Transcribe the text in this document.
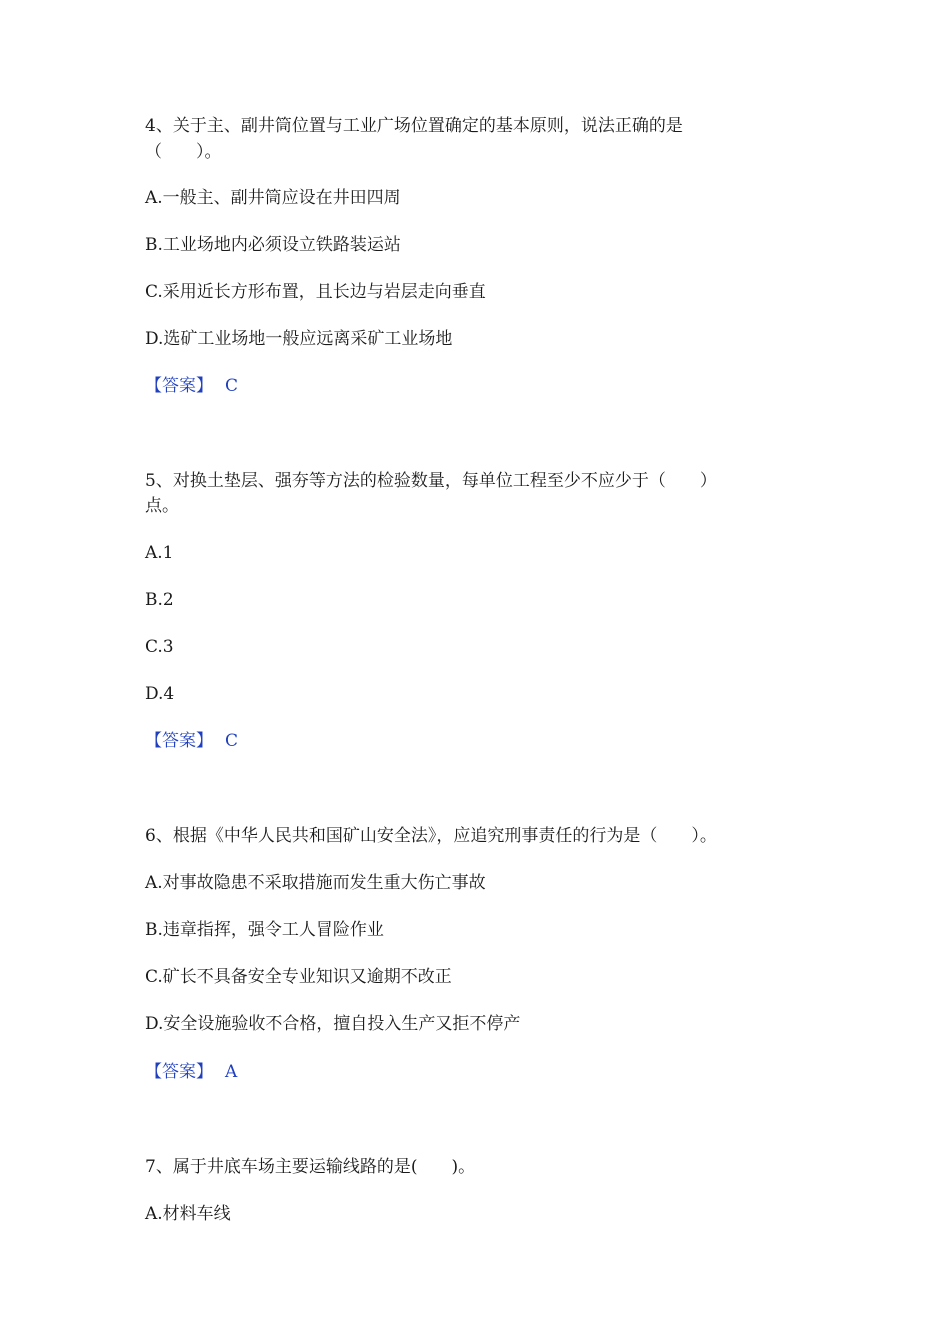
4、关于主、副井筒位置与工业广场位置确定的基本原则，说法正确的是
（　　）。
A.一般主、副井筒应设在井田四周
B.工业场地内必须设立铁路装运站
C.采用近长方形布置，且长边与岩层走向垂直
D.选矿工业场地一般应远离采矿工业场地
【答案】 C
5、对换土垫层、强夯等方法的检验数量，每单位工程至少不应少于（　　）
点。
A.1
B.2
C.3
D.4
【答案】 C
6、根据《中华人民共和国矿山安全法》，应追究刑事责任的行为是（　　）。
A.对事故隐患不采取措施而发生重大伤亡事故
B.违章指挥，强令工人冒险作业
C.矿长不具备安全专业知识又逾期不改正
D.安全设施验收不合格，擅自投入生产又拒不停产
【答案】 A
7、属于井底车场主要运输线路的是(　　)。
A.材料车线
